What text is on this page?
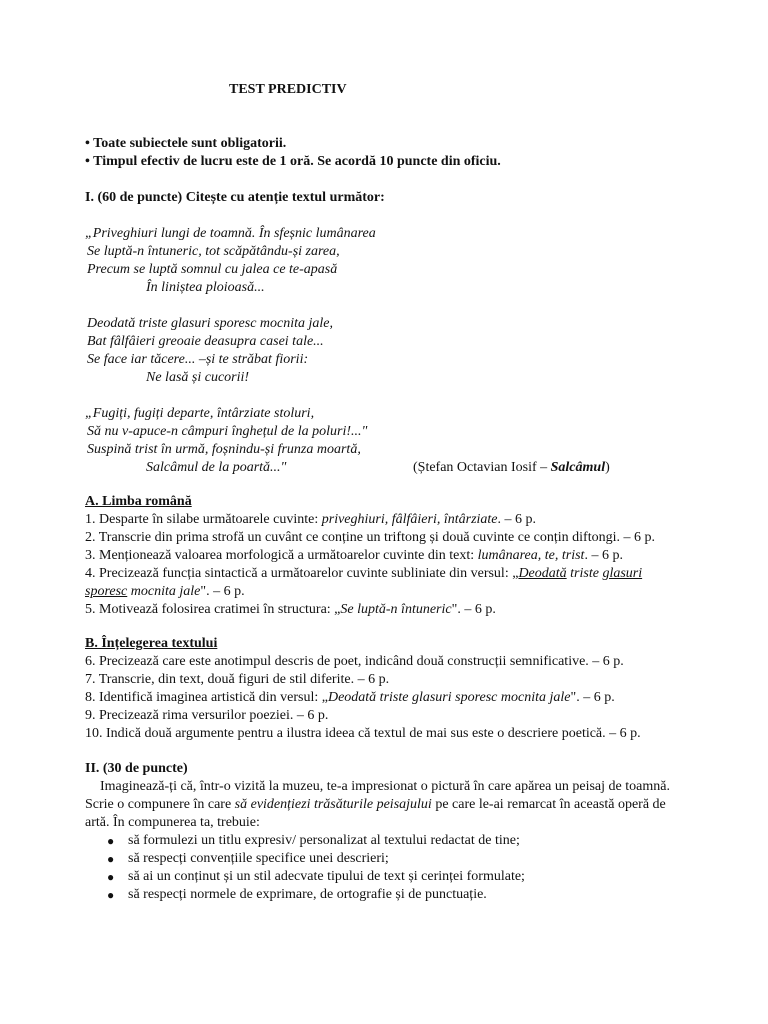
TEST PREDICTIV
• Toate subiectele sunt obligatorii.
• Timpul efectiv de lucru este de 1 oră. Se acordă 10 puncte din oficiu.
I. (60 de puncte) Citește cu atenție textul următor:
„Priveghiuri lungi de toamnă. În sfeșnic lumânarea
Se luptă-n întuneric, tot scăpătându-și zarea,
Precum se luptă somnul cu jalea ce te-apasă
În liniștea ploioasă...
Deodată triste glasuri sporesc mocnita jale,
Bat fâlfâieri greoaie deasupra casei tale...
Se face iar tăcere... –și te străbat fiorii:
Ne lasă și cucorii!
„Fugiți, fugiți departe, întârziate stoluri,
Să nu v-apuce-n câmpuri înghețul de la poluri!..."
Suspină trist în urmă, foșnindu-și frunza moartă,
Salcâmul de la poartă..."	(Ștefan Octavian Iosif – Salcâmul)
A. Limba română
1. Desparte în silabe următoarele cuvinte: priveghiuri, fâlfâieri, întârziate. – 6 p.
2. Transcrie din prima strofă un cuvânt ce conține un triftong și două cuvinte ce conțin diftongi. – 6 p.
3. Menționează valoarea morfologică a următoarelor cuvinte din text: lumânarea, te, trist. – 6 p.
4. Precizează funcția sintactică a următoarelor cuvinte subliniate din versul: „Deodată triste glasuri
sporesc mocnita jale". – 6 p.
5. Motivează folosirea cratimei în structura: „Se luptă-n întuneric". – 6 p.
B. Înțelegerea textului
6. Precizează care este anotimpul descris de poet, indicând două construcții semnificative. – 6 p.
7. Transcrie, din text, două figuri de stil diferite. – 6 p.
8. Identifică imaginea artistică din versul: „Deodată triste glasuri sporesc mocnita jale". – 6 p.
9. Precizează rima versurilor poeziei. – 6 p.
10. Indică două argumente pentru a ilustra ideea că textul de mai sus este o descriere poetică. – 6 p.
II. (30 de puncte)
Imaginează-ți că, într-o vizită la muzeu, te-a impresionat o pictură în care apărea un peisaj de toamnă.
Scrie o compunere în care să evidențiezi trăsăturile peisajului pe care le-ai remarcat în această operă de
artă. În compunerea ta, trebuie:
● să formulezi un titlu expresiv/ personalizat al textului redactat de tine;
● să respecți convențiile specifice unei descrieri;
● să ai un conținut și un stil adecvate tipului de text și cerinței formulate;
● să respecți normele de exprimare, de ortografie și de punctuație.
